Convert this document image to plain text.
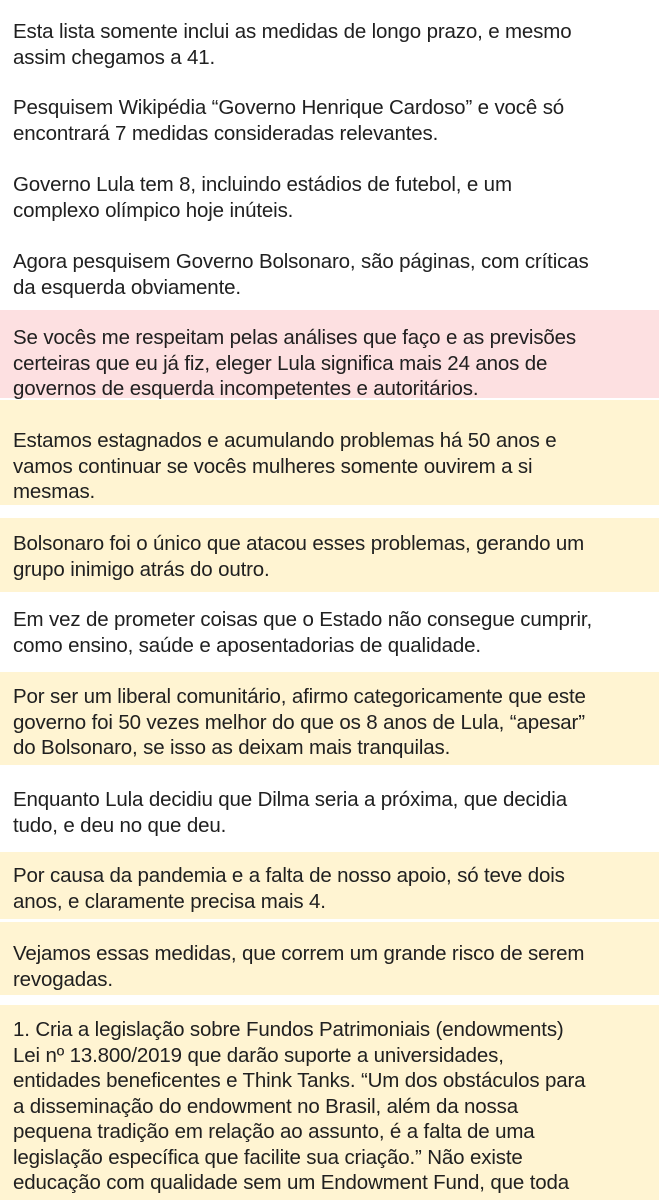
Esta lista somente inclui as medidas de longo prazo, e mesmo
assim chegamos a 41.
Pesquisem Wikipédia “Governo Henrique Cardoso” e você só
encontrará 7 medidas consideradas relevantes.
Governo Lula tem 8, incluindo estádios de futebol, e um
complexo olímpico hoje inúteis.
Agora pesquisem Governo Bolsonaro, são páginas, com críticas
da esquerda obviamente.
Se vocês me respeitam pelas análises que faço e as previsões
certeiras que eu já fiz, eleger Lula significa mais 24 anos de
governos de esquerda incompetentes e autoritários.
Estamos estagnados e acumulando problemas há 50 anos e
vamos continuar se vocês mulheres somente ouvirem a si
mesmas.
Bolsonaro foi o único que atacou esses problemas, gerando um
grupo inimigo atrás do outro.
Em vez de prometer coisas que o Estado não consegue cumprir,
como ensino, saúde e aposentadorias de qualidade.
Por ser um liberal comunitário, afirmo categoricamente que este
governo foi 50 vezes melhor do que os 8 anos de Lula, “apesar”
do Bolsonaro, se isso as deixam mais tranquilas.
Enquanto Lula decidiu que Dilma seria a próxima, que decidia
tudo, e deu no que deu.
Por causa da pandemia e a falta de nosso apoio, só teve dois
anos, e claramente precisa mais 4.
Vejamos essas medidas, que correm um grande risco de serem
revogadas.
1. Cria a legislação sobre Fundos Patrimoniais (endowments)
Lei nº 13.800/2019 que darão suporte a universidades,
entidades beneficentes e Think Tanks. “Um dos obstáculos para
a disseminação do endowment no Brasil, além da nossa
pequena tradição em relação ao assunto, é a falta de uma
legislação específica que facilite sua criação.” Não existe
educação com qualidade sem um Endowment Fund, que toda
